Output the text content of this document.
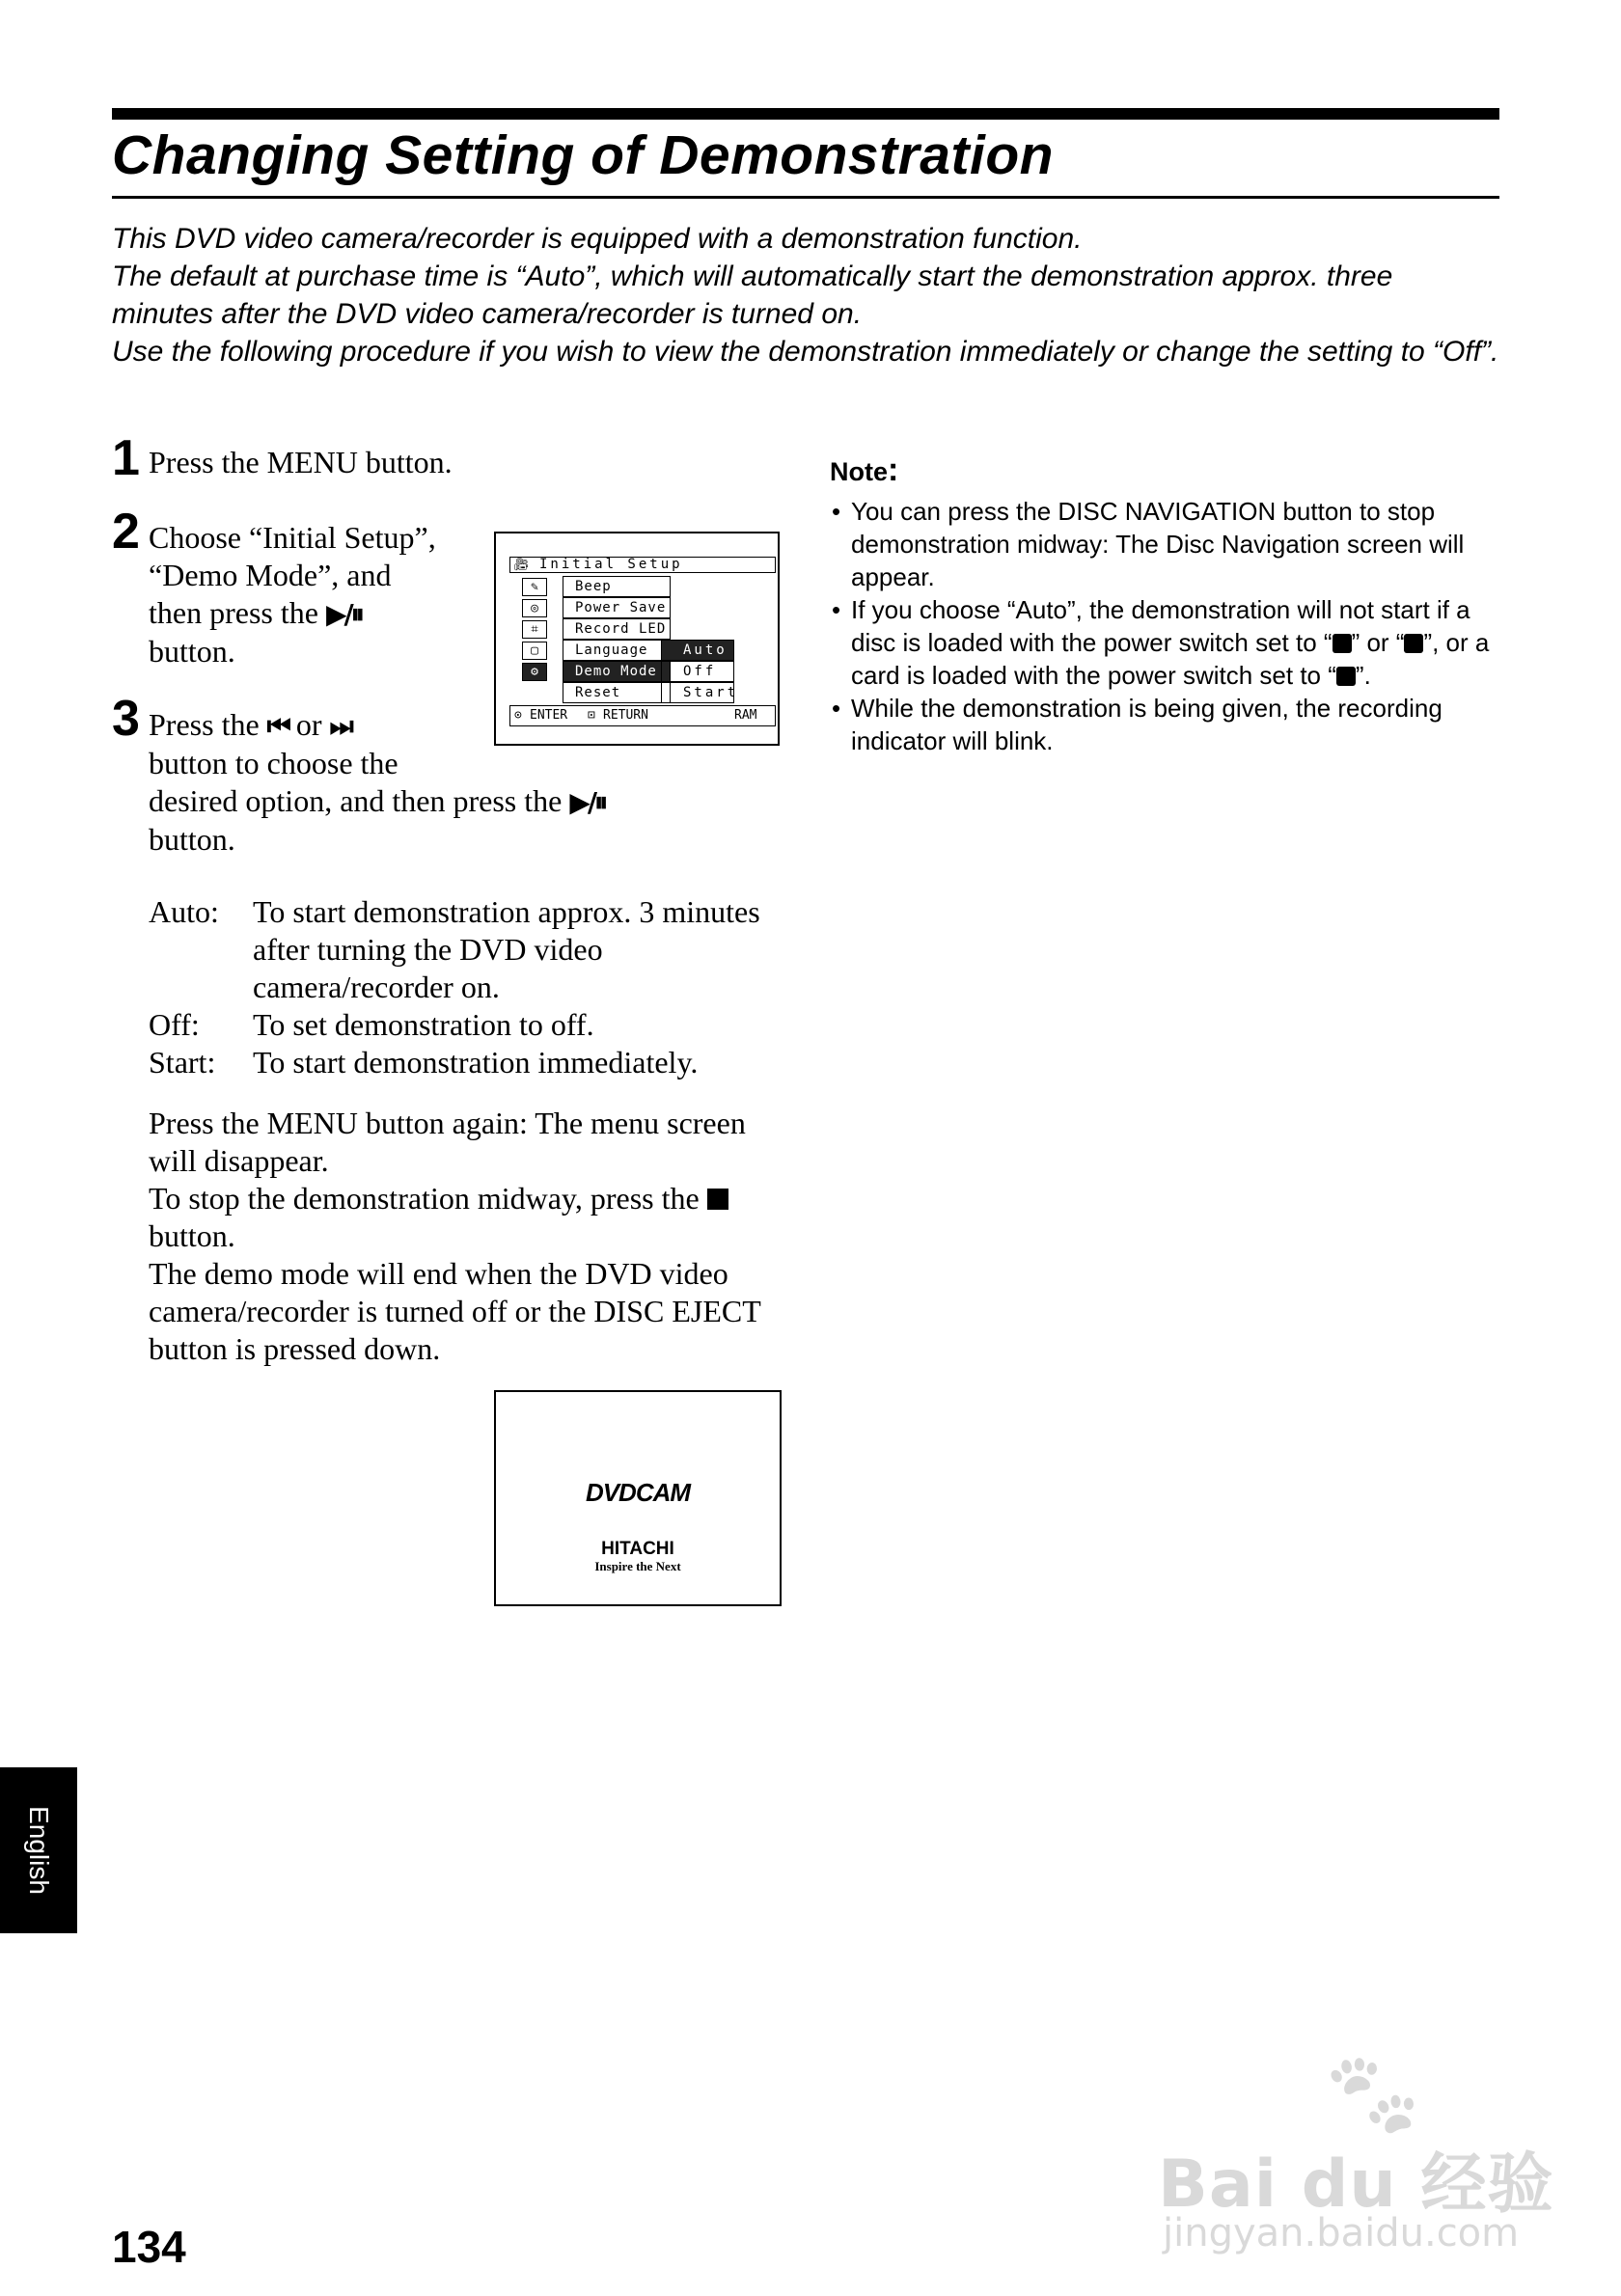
Changing Setting of Demonstration

This DVD video camera/recorder is equipped with a demonstration function.

The default at purchase time is “Auto”, which will automatically start the demonstration approx. three minutes after the DVD video camera/recorder is turned on.

Use the following procedure if you wish to view the demonstration immediately or change the setting to “Off”.

1 Press the MENU button.

2 Choose “Initial Setup”,

“Demo Mode”, and

then press the ▶/⏸

button.

3 Press the ⏮ or ⏭

button to choose the

desired option, and then press the ▶/⏸

button.

Auto:	To start demonstration approx. 3 minutes after turning the DVD video camera/recorder on.
Off:	To set demonstration to off.
Start:	To start demonstration immediately.

Press the MENU button again: The menu screen will disappear.

To stop the demonstration midway, press the button.

The demo mode will end when the DVD video camera/recorder is turned off or the DISC EJECT button is pressed down.

🎥︎ Initial Setup
✎
◎
⌗
▢
⚙
Beep
Power Save
Record LED
Language
Demo Mode
Reset
Auto
Off
Start
⊙ ENTER ⊡ RETURN	RAM
DVDCAM
HITACHI
Inspire the Next

Note:

• You can press the DISC NAVIGATION button to stop demonstration midway: The Disc Navigation screen will appear.
• If you choose “Auto”, the demonstration will not start if a disc is loaded with the power switch set to “ ” or “ ”, or a card is loaded with the power switch set to “ ”.
• While the demonstration is being given, the recording indicator will blink.
English
134
🐾︎
Bai du 经验
jingyan.baidu.com
